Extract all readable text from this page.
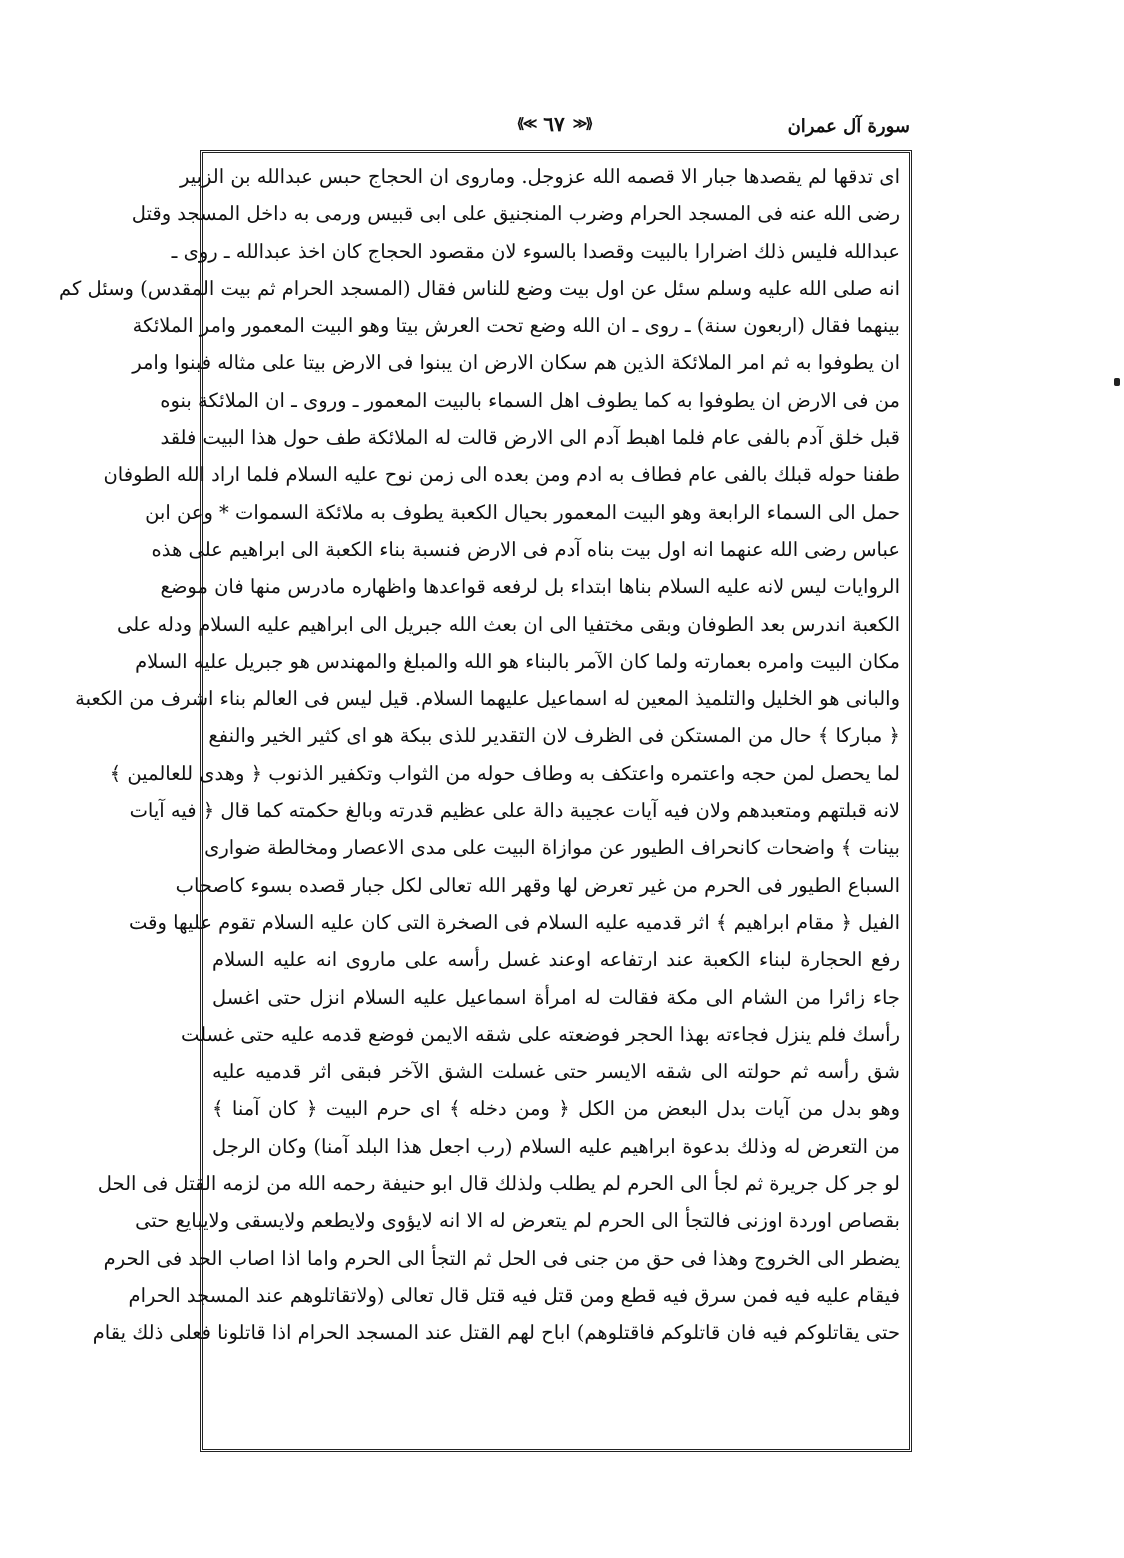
سورة آل عمران
⟪≪ ٦٧ ≫⟫
اى تدقها لم يقصدها جبار الا قصمه الله عزوجل. وماروى ان الحجاج حبس عبدالله بن الزبير
رضى الله عنه فى المسجد الحرام وضرب المنجنيق على ابى قبيس ورمى به داخل المسجد وقتل
عبدالله فليس ذلك اضرارا بالبيت وقصدا بالسوء لان مقصود الحجاج كان اخذ عبدالله ـ روى ـ
انه صلى الله عليه وسلم سئل عن اول بيت وضع للناس فقال (المسجد الحرام ثم بيت المقدس) وسئل كم
بينهما فقال (اربعون سنة) ـ روى ـ ان الله وضع تحت العرش بيتا وهو البيت المعمور وامر الملائكة
ان يطوفوا به ثم امر الملائكة الذين هم سكان الارض ان يبنوا فى الارض بيتا على مثاله فبنوا وامر
من فى الارض ان يطوفوا به كما يطوف اهل السماء بالبيت المعمور ـ وروى ـ ان الملائكة بنوه
قبل خلق آدم بالفى عام فلما اهبط آدم الى الارض قالت له الملائكة طف حول هذا البيت فلقد
طفنا حوله قبلك بالفى عام فطاف به ادم ومن بعده الى زمن نوح عليه السلام فلما اراد الله الطوفان
حمل الى السماء الرابعة وهو البيت المعمور بحيال الكعبة يطوف به ملائكة السموات * وعن ابن
عباس رضى الله عنهما انه اول بيت بناه آدم فى الارض فنسبة بناء الكعبة الى ابراهيم على هذه
الروايات ليس لانه عليه السلام بناها ابتداء بل لرفعه قواعدها واظهاره مادرس منها فان موضع
الكعبة اندرس بعد الطوفان وبقى مختفيا الى ان بعث الله جبريل الى ابراهيم عليه السلام ودله على
مكان البيت وامره بعمارته ولما كان الآمر بالبناء هو الله والمبلغ والمهندس هو جبريل عليه السلام
والبانى هو الخليل والتلميذ المعين له اسماعيل عليهما السلام. قيل ليس فى العالم بناء اشرف من الكعبة
﴿ مباركا ﴾ حال من المستكن فى الظرف لان التقدير للذى ببكة هو اى كثير الخير والنفع
لما يحصل لمن حجه واعتمره واعتكف به وطاف حوله من الثواب وتكفير الذنوب ﴿ وهدى للعالمين ﴾
لانه قبلتهم ومتعبدهم ولان فيه آيات عجيبة دالة على عظيم قدرته وبالغ حكمته كما قال ﴿ فيه آيات
بينات ﴾ واضحات كانحراف الطيور عن موازاة البيت على مدى الاعصار ومخالطة ضوارى
السباع الطيور فى الحرم من غير تعرض لها وقهر الله تعالى لكل جبار قصده بسوء كاصحاب
الفيل ﴿ مقام ابراهيم ﴾ اثر قدميه عليه السلام فى الصخرة التى كان عليه السلام تقوم عليها وقت
رفع الحجارة لبناء الكعبة عند ارتفاعه اوعند غسل رأسه على ماروى انه عليه السلام
جاء زائرا من الشام الى مكة فقالت له امرأة اسماعيل عليه السلام انزل حتى اغسل
رأسك فلم ينزل فجاءته بهذا الحجر فوضعته على شقه الايمن فوضع قدمه عليه حتى غسلت
شق رأسه ثم حولته الى شقه الايسر حتى غسلت الشق الآخر فبقى اثر قدميه عليه
وهو بدل من آيات بدل البعض من الكل ﴿ ومن دخله ﴾ اى حرم البيت ﴿ كان آمنا ﴾
من التعرض له وذلك بدعوة ابراهيم عليه السلام (رب اجعل هذا البلد آمنا) وكان الرجل
لو جر كل جريرة ثم لجأ الى الحرم لم يطلب ولذلك قال ابو حنيفة رحمه الله من لزمه القتل فى الحل
بقصاص اوردة اوزنى فالتجأ الى الحرم لم يتعرض له الا انه لايؤوى ولايطعم ولايسقى ولايبايع حتى
يضطر الى الخروج وهذا فى حق من جنى فى الحل ثم التجأ الى الحرم واما اذا اصاب الحد فى الحرم
فيقام عليه فيه فمن سرق فيه قطع ومن قتل فيه قتل قال تعالى (ولاتقاتلوهم عند المسجد الحرام
حتى يقاتلوكم فيه فان قاتلوكم فاقتلوهم) اباح لهم القتل عند المسجد الحرام اذا قاتلونا فعلى ذلك يقام
